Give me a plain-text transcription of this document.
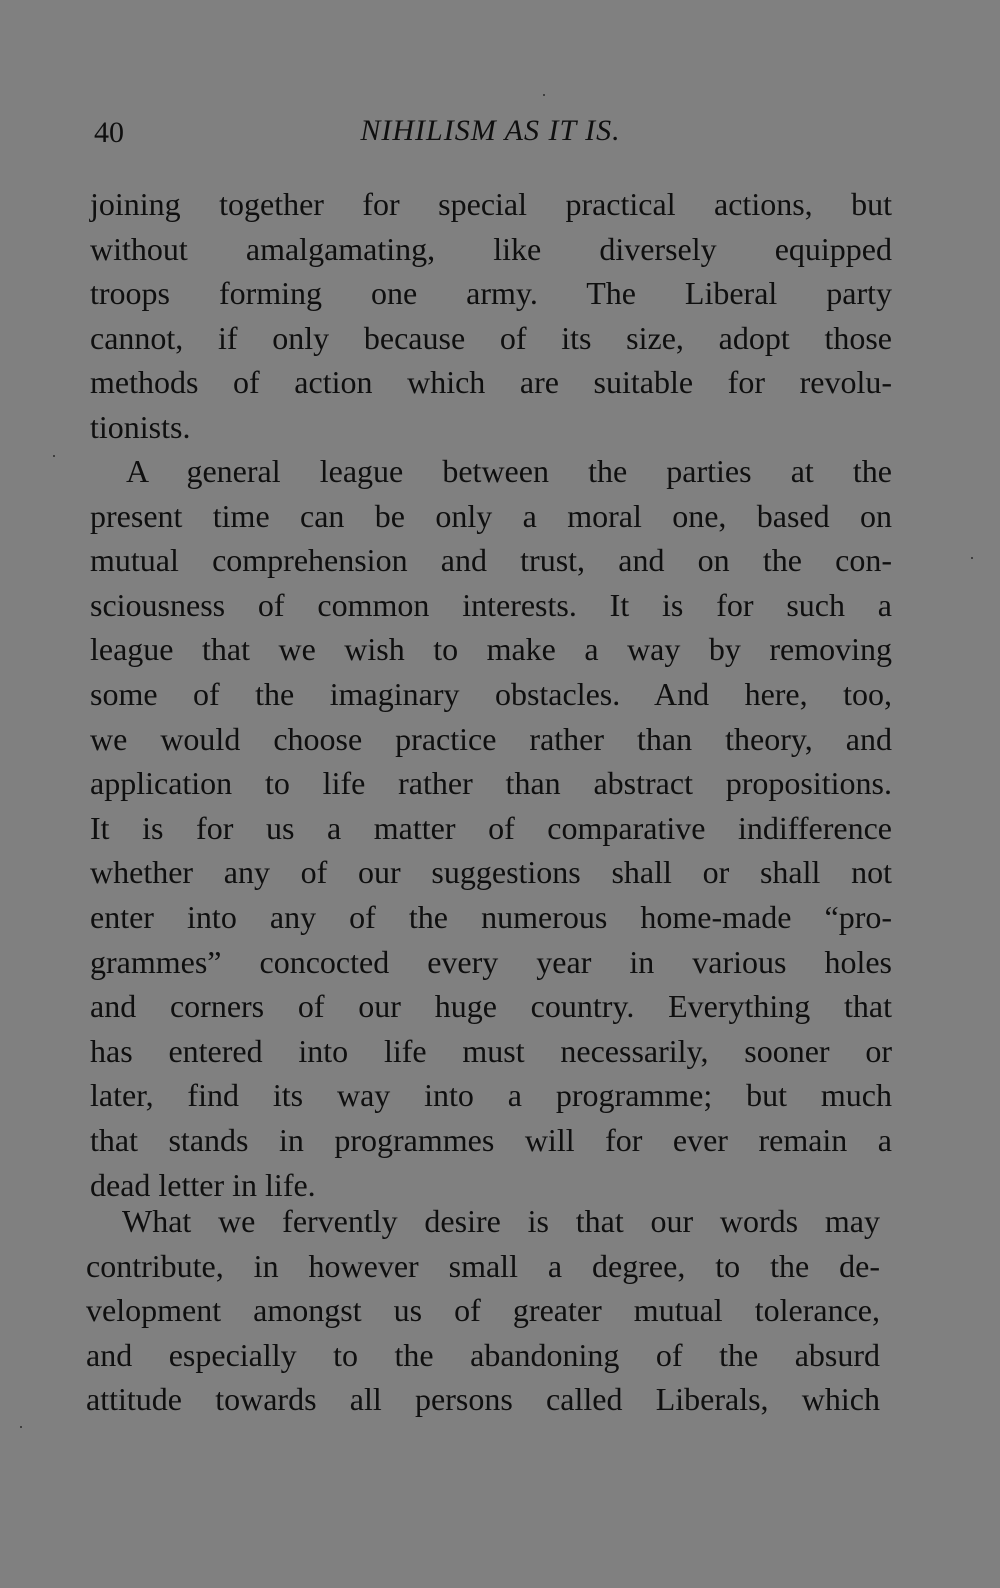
40	NIHILISM AS IT IS.
joining together for special practical actions, but
without amalgamating, like diversely equipped
troops forming one army. The Liberal party
cannot, if only because of its size, adopt those
methods of action which are suitable for revolu-
tionists.
A general league between the parties at the
present time can be only a moral one, based on
mutual comprehension and trust, and on the con-
sciousness of common interests. It is for such a
league that we wish to make a way by removing
some of the imaginary obstacles. And here, too,
we would choose practice rather than theory, and
application to life rather than abstract propositions.
It is for us a matter of comparative indifference
whether any of our suggestions shall or shall not
enter into any of the numerous home-made “pro-
grammes” concocted every year in various holes
and corners of our huge country. Everything that
has entered into life must necessarily, sooner or
later, find its way into a programme; but much
that stands in programmes will for ever remain a
dead letter in life.
What we fervently desire is that our words may
contribute, in however small a degree, to the de-
velopment amongst us of greater mutual tolerance,
and especially to the abandoning of the absurd
attitude towards all persons called Liberals, which
